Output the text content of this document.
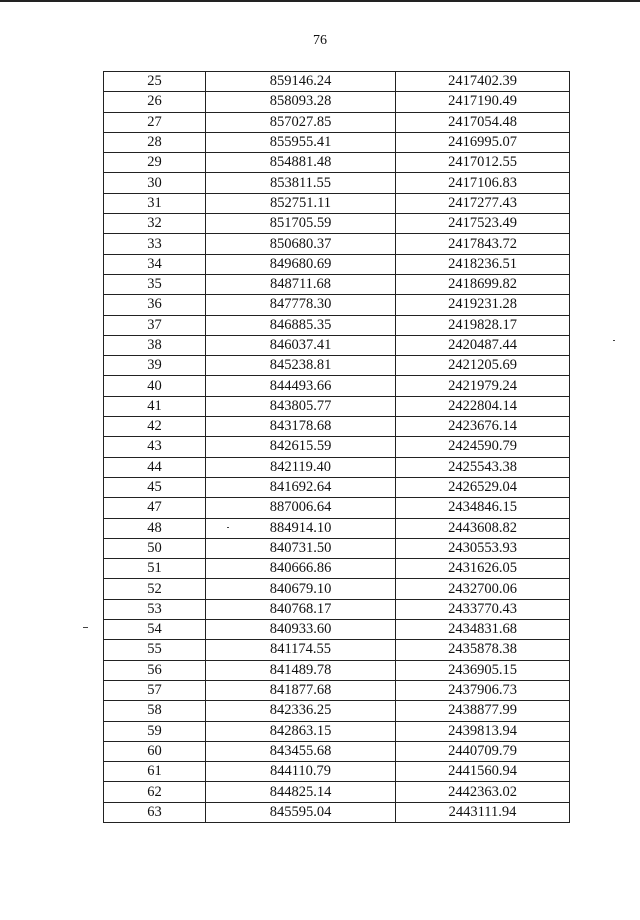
76
25	859146.24	2417402.39
26	858093.28	2417190.49
27	857027.85	2417054.48
28	855955.41	2416995.07
29	854881.48	2417012.55
30	853811.55	2417106.83
31	852751.11	2417277.43
32	851705.59	2417523.49
33	850680.37	2417843.72
34	849680.69	2418236.51
35	848711.68	2418699.82
36	847778.30	2419231.28
37	846885.35	2419828.17
38	846037.41	2420487.44
39	845238.81	2421205.69
40	844493.66	2421979.24
41	843805.77	2422804.14
42	843178.68	2423676.14
43	842615.59	2424590.79
44	842119.40	2425543.38
45	841692.64	2426529.04
47	887006.64	2434846.15
48	884914.10	2443608.82
50	840731.50	2430553.93
51	840666.86	2431626.05
52	840679.10	2432700.06
53	840768.17	2433770.43
54	840933.60	2434831.68
55	841174.55	2435878.38
56	841489.78	2436905.15
57	841877.68	2437906.73
58	842336.25	2438877.99
59	842863.15	2439813.94
60	843455.68	2440709.79
61	844110.79	2441560.94
62	844825.14	2442363.02
63	845595.04	2443111.94
